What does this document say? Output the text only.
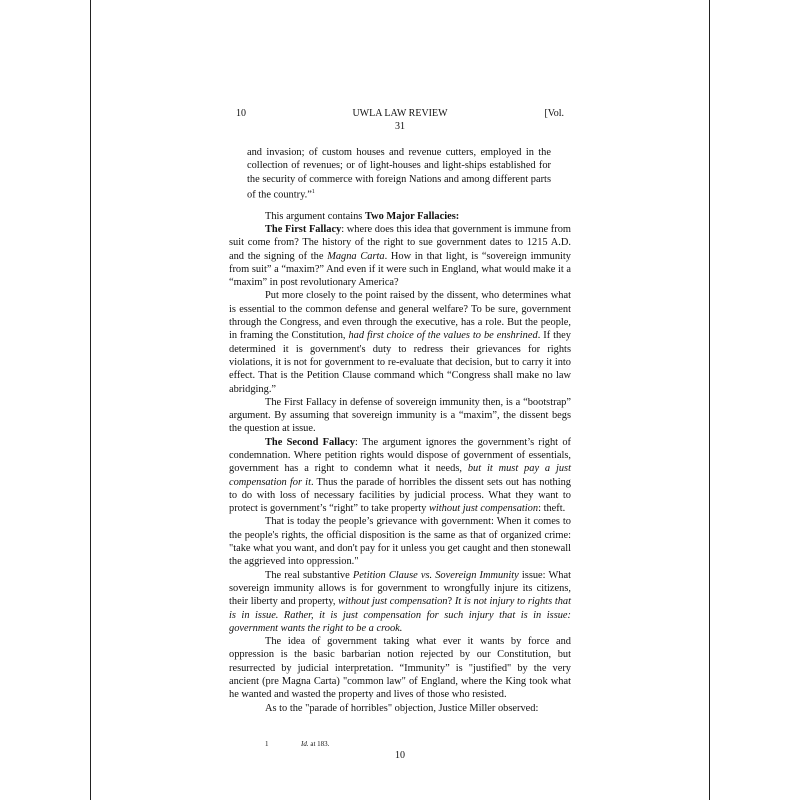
10	UWLA LAW REVIEW	[Vol.
31
and invasion; of custom houses and revenue cutters, employed in the collection of revenues; or of light-houses and light-ships established for the security of commerce with foreign Nations and among different parts of the country.”$^1$

This argument contains Two Major Fallacies:

The First Fallacy: where does this idea that government is immune from suit come from? The history of the right to sue government dates to 1215 A.D. and the signing of the Magna Carta. How in that light, is “sovereign immunity from suit” a “maxim?” And even if it were such in England, what would make it a “maxim” in post revolutionary America?

Put more closely to the point raised by the dissent, who determines what is essential to the common defense and general welfare? To be sure, government through the Congress, and even through the executive, has a role. But the people, in framing the Constitution, had first choice of the values to be enshrined. If they determined it is government's duty to redress their grievances for rights violations, it is not for government to re-evaluate that decision, but to carry it into effect. That is the Petition Clause command which “Congress shall make no law abridging.”

The First Fallacy in defense of sovereign immunity then, is a “bootstrap” argument. By assuming that sovereign immunity is a “maxim”, the dissent begs the question at issue.

The Second Fallacy: The argument ignores the government’s right of condemnation. Where petition rights would dispose of government of essentials, government has a right to condemn what it needs, but it must pay a just compensation for it. Thus the parade of horribles the dissent sets out has nothing to do with loss of necessary facilities by judicial process. What they want to protect is government’s “right” to take property without just compensation: theft.

That is today the people’s grievance with government: When it comes to the people's rights, the official disposition is the same as that of organized crime: "take what you want, and don't pay for it unless you get caught and then stonewall the aggrieved into oppression."

The real substantive Petition Clause vs. Sovereign Immunity issue: What sovereign immunity allows is for government to wrongfully injure its citizens, their liberty and property, without just compensation? It is not injury to rights that is in issue. Rather, it is just compensation for such injury that is in issue: government wants the right to be a crook.

The idea of government taking what ever it wants by force and oppression is the basic barbarian notion rejected by our Constitution, but resurrected by judicial interpretation. “Immunity” is "justified" by the very ancient (pre Magna Carta) "common law" of England, where the King took what he wanted and wasted the property and lives of those who resisted.

As to the "parade of horribles" objection, Justice Miller observed:

1	Id. at 183.
10
